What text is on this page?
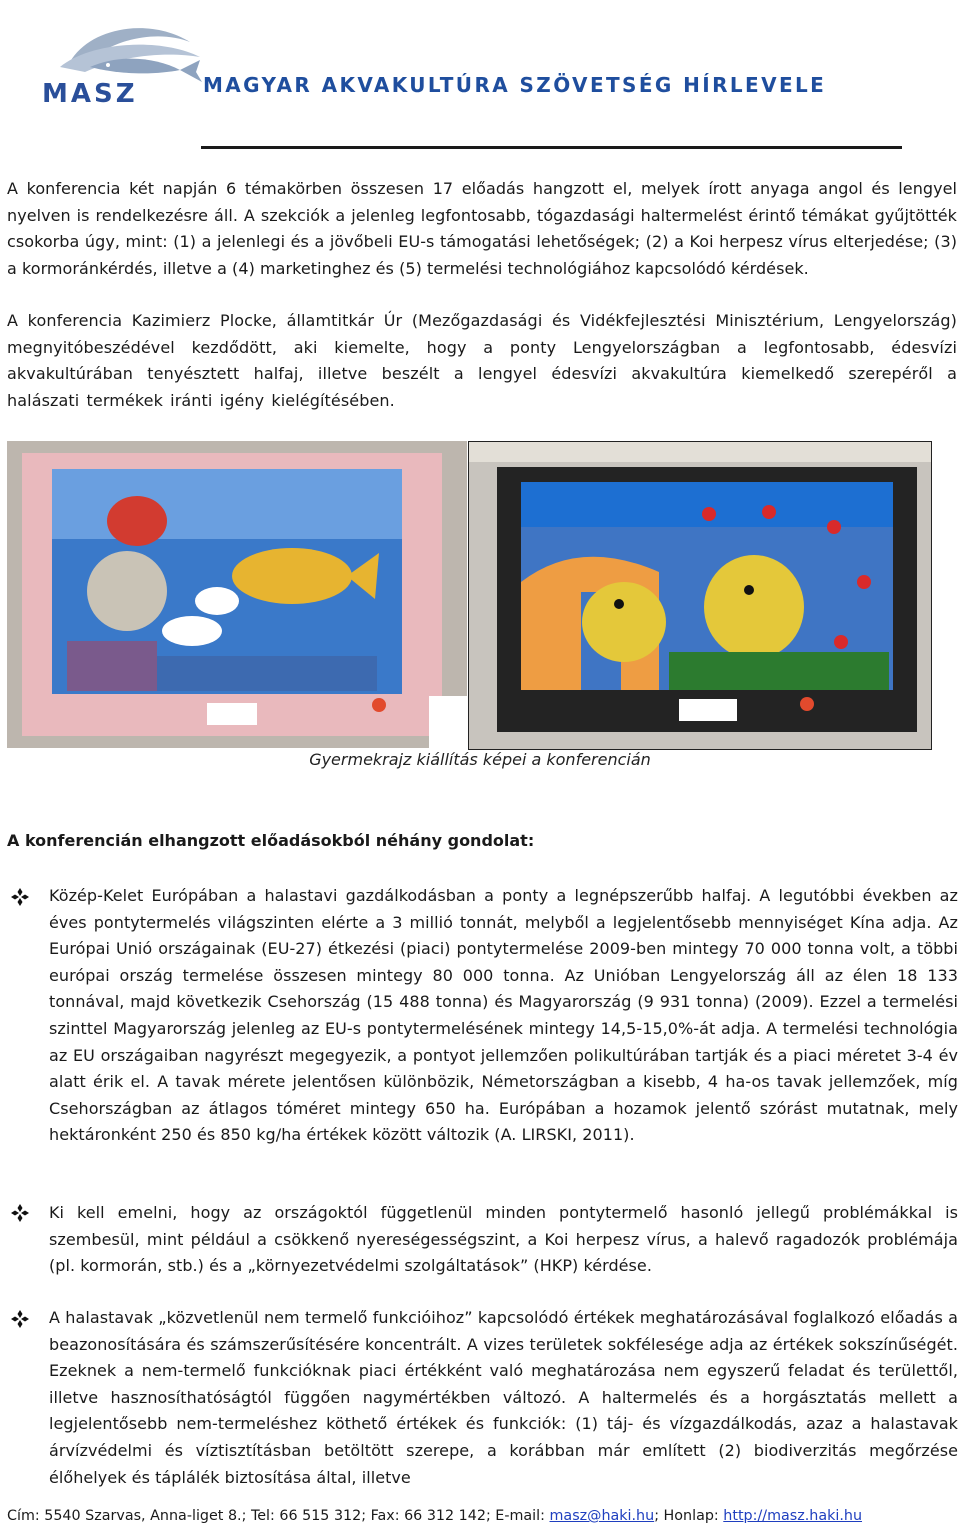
MASZ	MAGYAR AKVAKULTÚRA SZÖVETSÉG HÍRLEVELE

A konferencia két napján 6 témakörben összesen 17 előadás hangzott el, melyek írott anyaga angol és lengyel nyelven is rendelkezésre áll. A szekciók a jelenleg legfontosabb, tógazdasági haltermelést érintő témákat gyűjtötték csokorba úgy, mint: (1) a jelenlegi és a jövőbeli EU-s támogatási lehetőségek; (2) a Koi herpesz vírus elterjedése; (3) a kormoránkérdés, illetve a (4) marketinghez és (5) termelési technológiához kapcsolódó kérdések.

A konferencia Kazimierz Plocke, államtitkár Úr (Mezőgazdasági és Vidékfejlesztési Minisztérium, Lengyelország) megnyitóbeszédével kezdődött, aki kiemelte, hogy a ponty Lengyelországban a legfontosabb, édesvízi akvakultúrában tenyésztett halfaj, illetve beszélt a lengyel édesvízi akvakultúra kiemelkedő szerepéről a halászati termékek iránti igény kielégítésében.

Gyermekrajz kiállítás képei a konferencián
A konferencián elhangzott előadásokból néhány gondolat:

Közép-Kelet Európában a halastavi gazdálkodásban a ponty a legnépszerűbb halfaj. A legutóbbi években az éves pontytermelés világszinten elérte a 3 millió tonnát, melyből a legjelentősebb mennyiséget Kína adja. Az Európai Unió országainak (EU-27) étkezési (piaci) pontytermelése 2009-ben mintegy 70 000 tonna volt, a többi európai ország termelése összesen mintegy 80 000 tonna. Az Unióban Lengyelország áll az élen 18 133 tonnával, majd következik Csehország (15 488 tonna) és Magyarország (9 931 tonna) (2009). Ezzel a termelési szinttel Magyarország jelenleg az EU-s pontytermelésének mintegy 14,5-15,0%-át adja. A termelési technológia az EU országaiban nagyrészt megegyezik, a pontyot jellemzően polikultúrában tartják és a piaci méretet 3-4 év alatt érik el. A tavak mérete jelentősen különbözik, Németországban a kisebb, 4 ha-os tavak jellemzőek, míg Csehországban az átlagos tóméret mintegy 650 ha. Európában a hozamok jelentő szórást mutatnak, mely hektáronként 250 és 850 kg/ha értékek között változik (A. LIRSKI, 2011).

Ki kell emelni, hogy az országoktól függetlenül minden pontytermelő hasonló jellegű problémákkal is szembesül, mint például a csökkenő nyereségességszint, a Koi herpesz vírus, a halevő ragadozók problémája (pl. kormorán, stb.) és a „környezetvédelmi szolgáltatások” (HKP) kérdése.

A halastavak „közvetlenül nem termelő funkcióihoz” kapcsolódó értékek meghatározásával foglalkozó előadás a beazonosítására és számszerűsítésére koncentrált. A vizes területek sokfélesége adja az értékek sokszínűségét. Ezeknek a nem-termelő funkcióknak piaci értékként való meghatározása nem egyszerű feladat és területtől, illetve hasznosíthatóságtól függően nagymértékben változó. A haltermelés és a horgásztatás mellett a legjelentősebb nem-termeléshez köthető értékek és funkciók: (1) táj- és vízgazdálkodás, azaz a halastavak árvízvédelmi és víztisztításban betöltött szerepe, a korábban már említett (2) biodiverzitás megőrzése élőhelyek és táplálék biztosítása által, illetve

Cím: 5540 Szarvas, Anna-liget 8.; Tel: 66 515 312; Fax: 66 312 142; E-mail: masz@haki.hu; Honlap: http://masz.haki.hu
